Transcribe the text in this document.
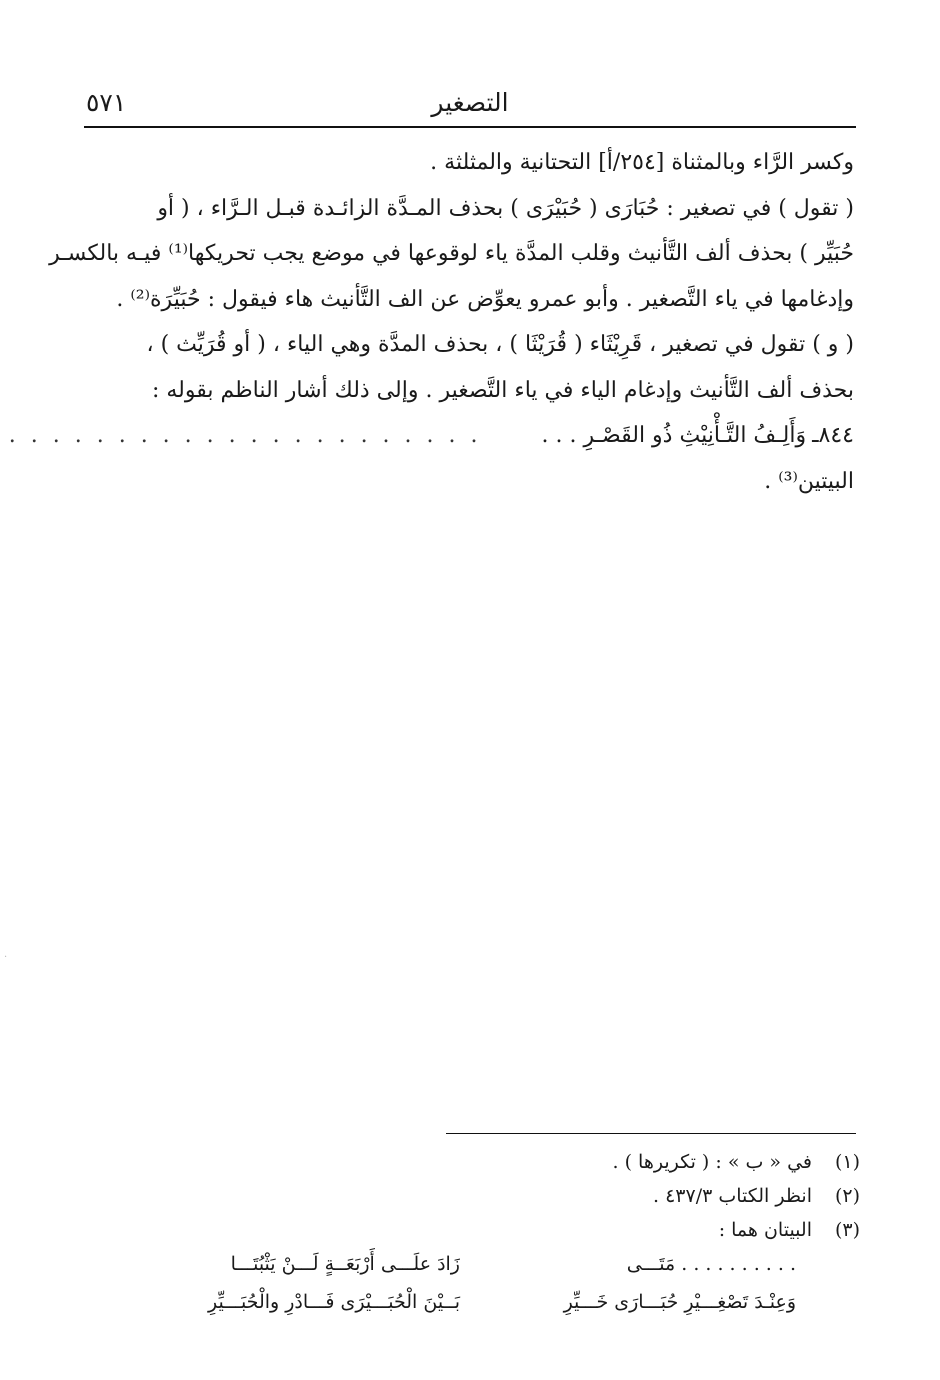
التصغير
٥٧١
وكسر الرَّاء وبالمثناة [٢٥٤/أ] التحتانية والمثلثة .
( تقول ) في تصغير : حُبَارَى ( حُبَيْرَى ) بحذف المـدَّة الزائـدة قبـل الـرَّاء ، ( أو
حُبَيِّر ) بحذف ألف التَّأنيث وقلب المدَّة ياء لوقوعها في موضع يجب تحريكها⁽¹⁾ فيـه بالكسـر
وإدغامها في ياء التَّصغير . وأبو عمرو يعوِّض عن الف التَّأنيث هاء فيقول : حُبَيِّرَة⁽²⁾ .
( و ) تقول في تصغير ، قَرِيْثَاء ( قُرَيْثَا ) ، بحذف المدَّة وهي الياء ، ( أو قُرَيِّث ) ،
بحذف ألف التَّأنيث وإدغام الياء في ياء التَّصغير . وإلى ذلك أشار الناظم بقوله :
٨٤٤ـ
وَأَلِـفُ التَّـأْنِيْثِ ذُو القَصْـرِ . . .
. . . . . . . . . . . . . . . . . . . . . .
البيتين⁽³⁾ .
(١)
في « ب » : ( تكريرها ) .
(٢)
انظر الكتاب ٤٣٧/٣ .
(٣)
البيتان هما :
. . . . . . . . . . مَتَـــى
زَادَ علَـــى أَرْبَعَــةٍ لَـــنْ يَثْبُتَـــا
وَعِنْـدَ تَصْغِـــيْرِ حُبَـــارَى خَـــيِّرِ
بَــيْنَ الْحُبَـــيْرَى فَـــادْرِ والْحُبَـــيِّرِ
·
